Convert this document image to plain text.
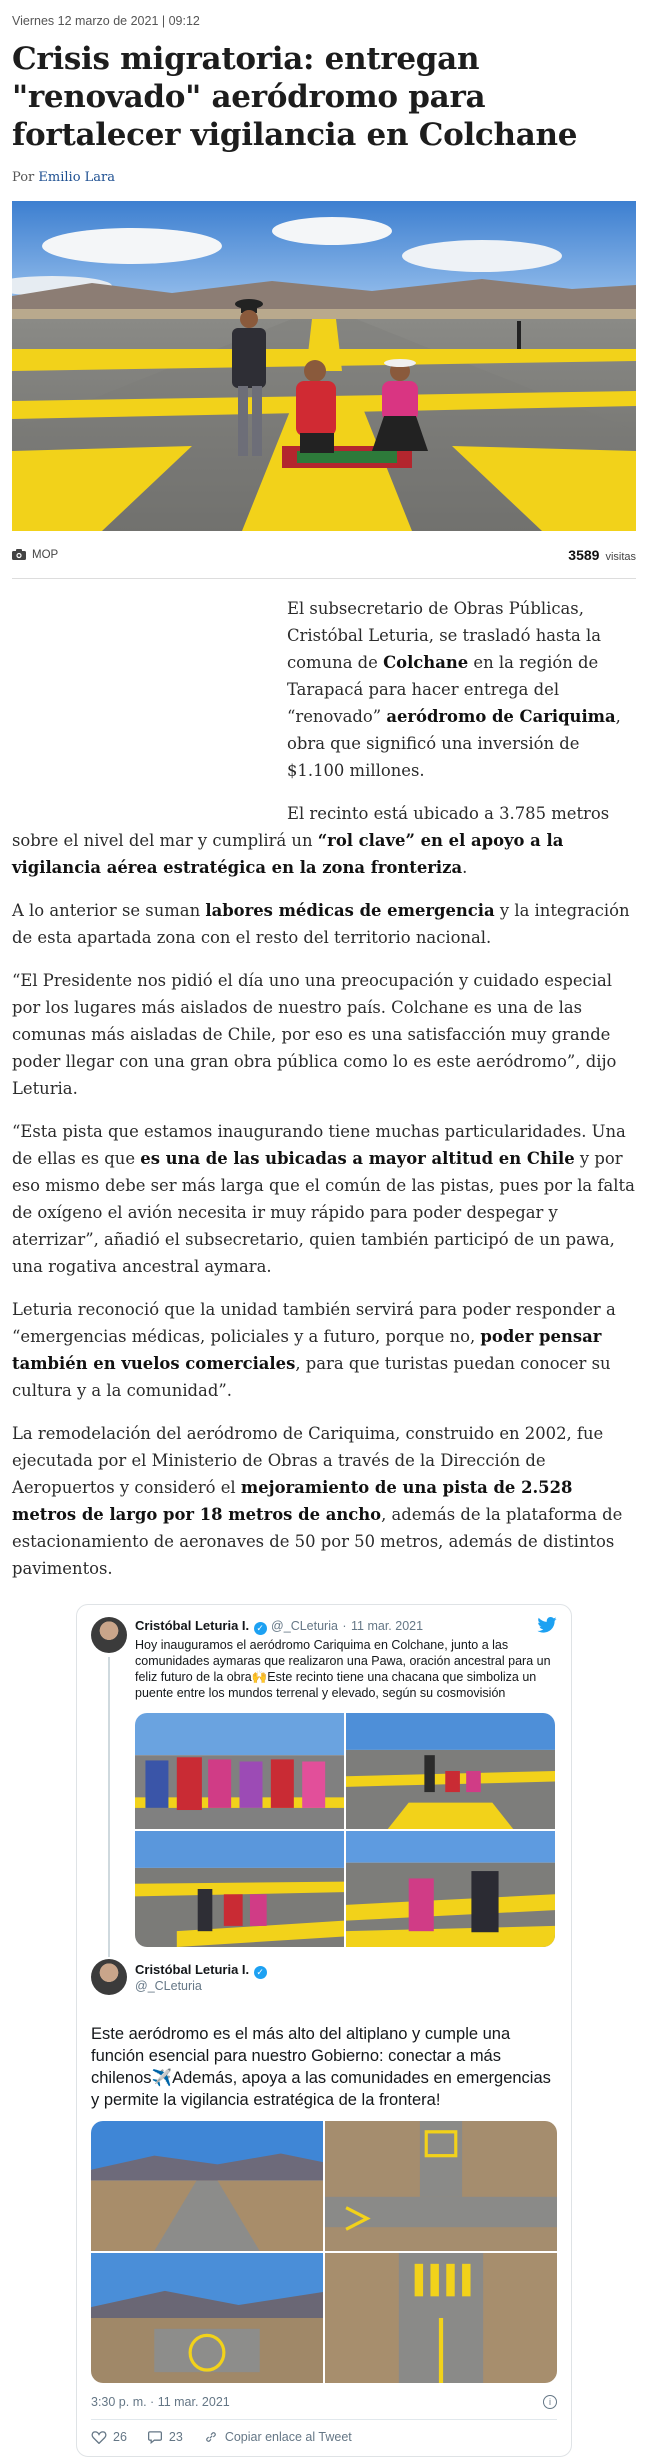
Viernes 12 marzo de 2021 | 09:12
Crisis migratoria: entregan "renovado" aeródromo para fortalecer vigilancia en Colchane
Por Emilio Lara
MOP	3589 visitas

El subsecretario de Obras Públicas, Cristóbal Leturia, se trasladó hasta la comuna de Colchane en la región de Tarapacá para hacer entrega del “renovado” aeródromo de Cariquima, obra que significó una inversión de $1.100 millones.

El recinto está ubicado a 3.785 metros sobre el nivel del mar y cumplirá un “rol clave” en el apoyo a la vigilancia aérea estratégica en la zona fronteriza.

A lo anterior se suman labores médicas de emergencia y la integración de esta apartada zona con el resto del territorio nacional.

“El Presidente nos pidió el día uno una preocupación y cuidado especial por los lugares más aislados de nuestro país. Colchane es una de las comunas más aisladas de Chile, por eso es una satisfacción muy grande poder llegar con una gran obra pública como lo es este aeródromo”, dijo Leturia.

“Esta pista que estamos inaugurando tiene muchas particularidades. Una de ellas es que es una de las ubicadas a mayor altitud en Chile y por eso mismo debe ser más larga que el común de las pistas, pues por la falta de oxígeno el avión necesita ir muy rápido para poder despegar y aterrizar”, añadió el subsecretario, quien también participó de un pawa, una rogativa ancestral aymara.

Leturia reconoció que la unidad también servirá para poder responder a “emergencias médicas, policiales y a futuro, porque no, poder pensar también en vuelos comerciales, para que turistas puedan conocer su cultura y a la comunidad”.

La remodelación del aeródromo de Cariquima, construido en 2002, fue ejecutada por el Ministerio de Obras a través de la Dirección de Aeropuertos y consideró el mejoramiento de una pista de 2.528 metros de largo por 18 metros de ancho, además de la plataforma de estacionamiento de aeronaves de 50 por 50 metros, además de distintos pavimentos.

Cristóbal Leturia I. ✓ @_CLeturia · 11 mar. 2021
Hoy inauguramos el aeródromo Cariquima en Colchane, junto a las comunidades aymaras que realizaron una Pawa, oración ancestral para un feliz futuro de la obra🙌Este recinto tiene una chacana que simboliza un puente entre los mundos terrenal y elevado, según su cosmovisión
Cristóbal Leturia I. ✓
@_CLeturia
Este aeródromo es el más alto del altiplano y cumple una función esencial para nuestro Gobierno: conectar a más chilenos✈️Además, apoya a las comunidades en emergencias y permite la vigilancia estratégica de la frontera!
3:30 p. m. · 11 mar. 2021	i
26	23	Copiar enlace al Tweet
